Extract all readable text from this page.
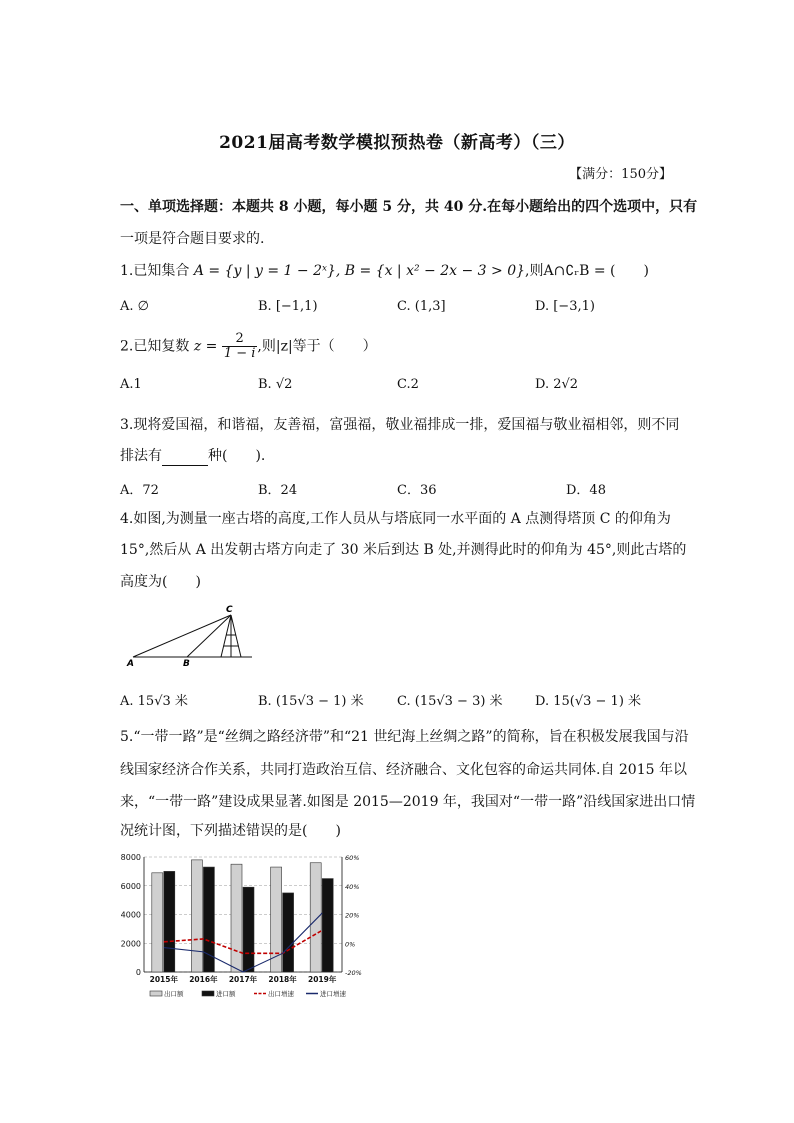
2021届高考数学模拟预热卷（新高考）（三）
【满分：150分】
一、单项选择题：本题共 8 小题，每小题 5 分，共 40 分.在每小题给出的四个选项中，只有
一项是符合题目要求的.
1.已知集合 A = {y | y = 1 − 2ˣ}, B = {x | x² − 2x − 3 > 0},则A∩∁ᵣB = (　　)
A. ∅	B. [−1,1)	C. (1,3]	D. [−3,1)
2.已知复数 $z = \frac{2}{1 - i}$ ,则|z|等于（　　）
A.1	B. √2	C.2	D. 2√2
3.现将爱国福，和谐福，友善福，富强福，敬业福排成一排，爱国福与敬业福相邻，则不同
排法有	种(　　).
A．72	B．24	C．36	D．48
4.如图,为测量一座古塔的高度,工作人员从与塔底同一水平面的 A 点测得塔顶 C 的仰角为
15°,然后从 A 出发朝古塔方向走了 30 米后到达 B 处,并测得此时的仰角为 45°,则此古塔的
高度为(　　)
A	B
C
A. 15√3 米	B. (15√3 − 1) 米	C. (15√3 − 3) 米 D. 15(√3 − 1) 米
5.“一带一路”是“丝绸之路经济带”和“21 世纪海上丝绸之路”的简称，旨在积极发展我国与沿
线国家经济合作关系，共同打造政治互信、经济融合、文化包容的命运共同体.自 2015 年以
来，“一带一路”建设成果显著.如图是 2015—2019 年，我国对“一带一路”沿线国家进出口情
况统计图，下列描述错误的是(　　)
8000
6000
4000
2000
0
60%
40%
20%
0%
-20%
2015年 2016年 2017年 2018年 2019年
出口额	进口额	出口增速	进口增速
